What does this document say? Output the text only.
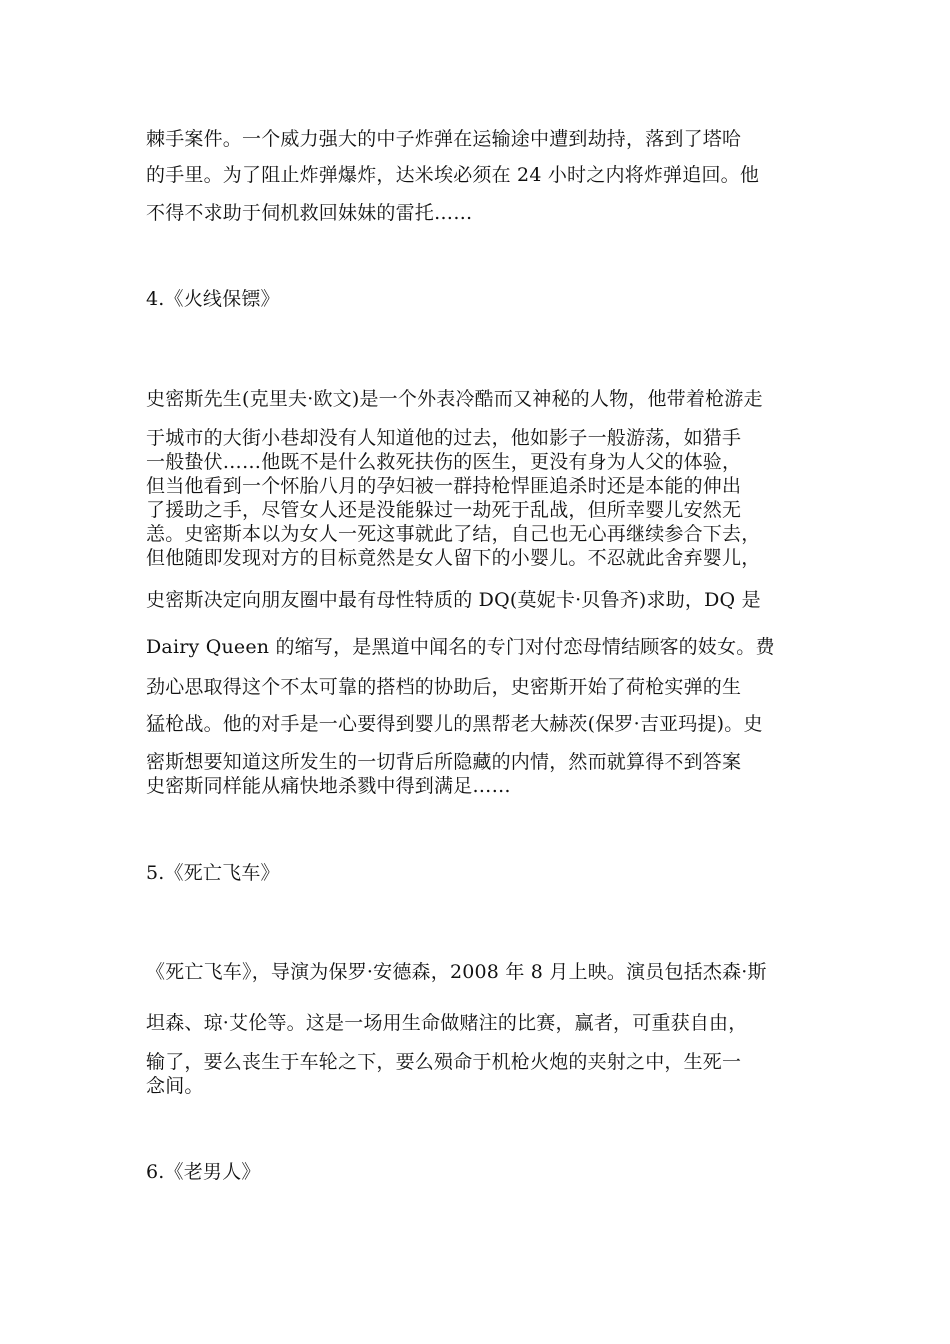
棘手案件。一个威力强大的中子炸弹在运输途中遭到劫持，落到了塔哈
的手里。为了阻止炸弹爆炸，达米埃必须在 24 小时之内将炸弹追回。他
不得不求助于伺机救回妹妹的雷托……
4.《火线保镖》
史密斯先生(克里夫·欧文)是一个外表冷酷而又神秘的人物，他带着枪游走
于城市的大街小巷却没有人知道他的过去，他如影子一般游荡，如猎手
一般蛰伏……他既不是什么救死扶伤的医生，更没有身为人父的体验，
但当他看到一个怀胎八月的孕妇被一群持枪悍匪追杀时还是本能的伸出
了援助之手，尽管女人还是没能躲过一劫死于乱战，但所幸婴儿安然无
恙。史密斯本以为女人一死这事就此了结，自己也无心再继续参合下去，
但他随即发现对方的目标竟然是女人留下的小婴儿。不忍就此舍弃婴儿，
史密斯决定向朋友圈中最有母性特质的 DQ(莫妮卡·贝鲁齐)求助，DQ 是
Dairy Queen 的缩写，是黑道中闻名的专门对付恋母情结顾客的妓女。费
劲心思取得这个不太可靠的搭档的协助后，史密斯开始了荷枪实弹的生
猛枪战。他的对手是一心要得到婴儿的黑帮老大赫茨(保罗·吉亚玛提)。史
密斯想要知道这所发生的一切背后所隐藏的内情，然而就算得不到答案
史密斯同样能从痛快地杀戮中得到满足……
5.《死亡飞车》
《死亡飞车》，导演为保罗·安德森，2008 年 8 月上映。演员包括杰森·斯
坦森、琼·艾伦等。这是一场用生命做赌注的比赛，赢者，可重获自由，
输了，要么丧生于车轮之下，要么殒命于机枪火炮的夹射之中，生死一
念间。
6.《老男人》
